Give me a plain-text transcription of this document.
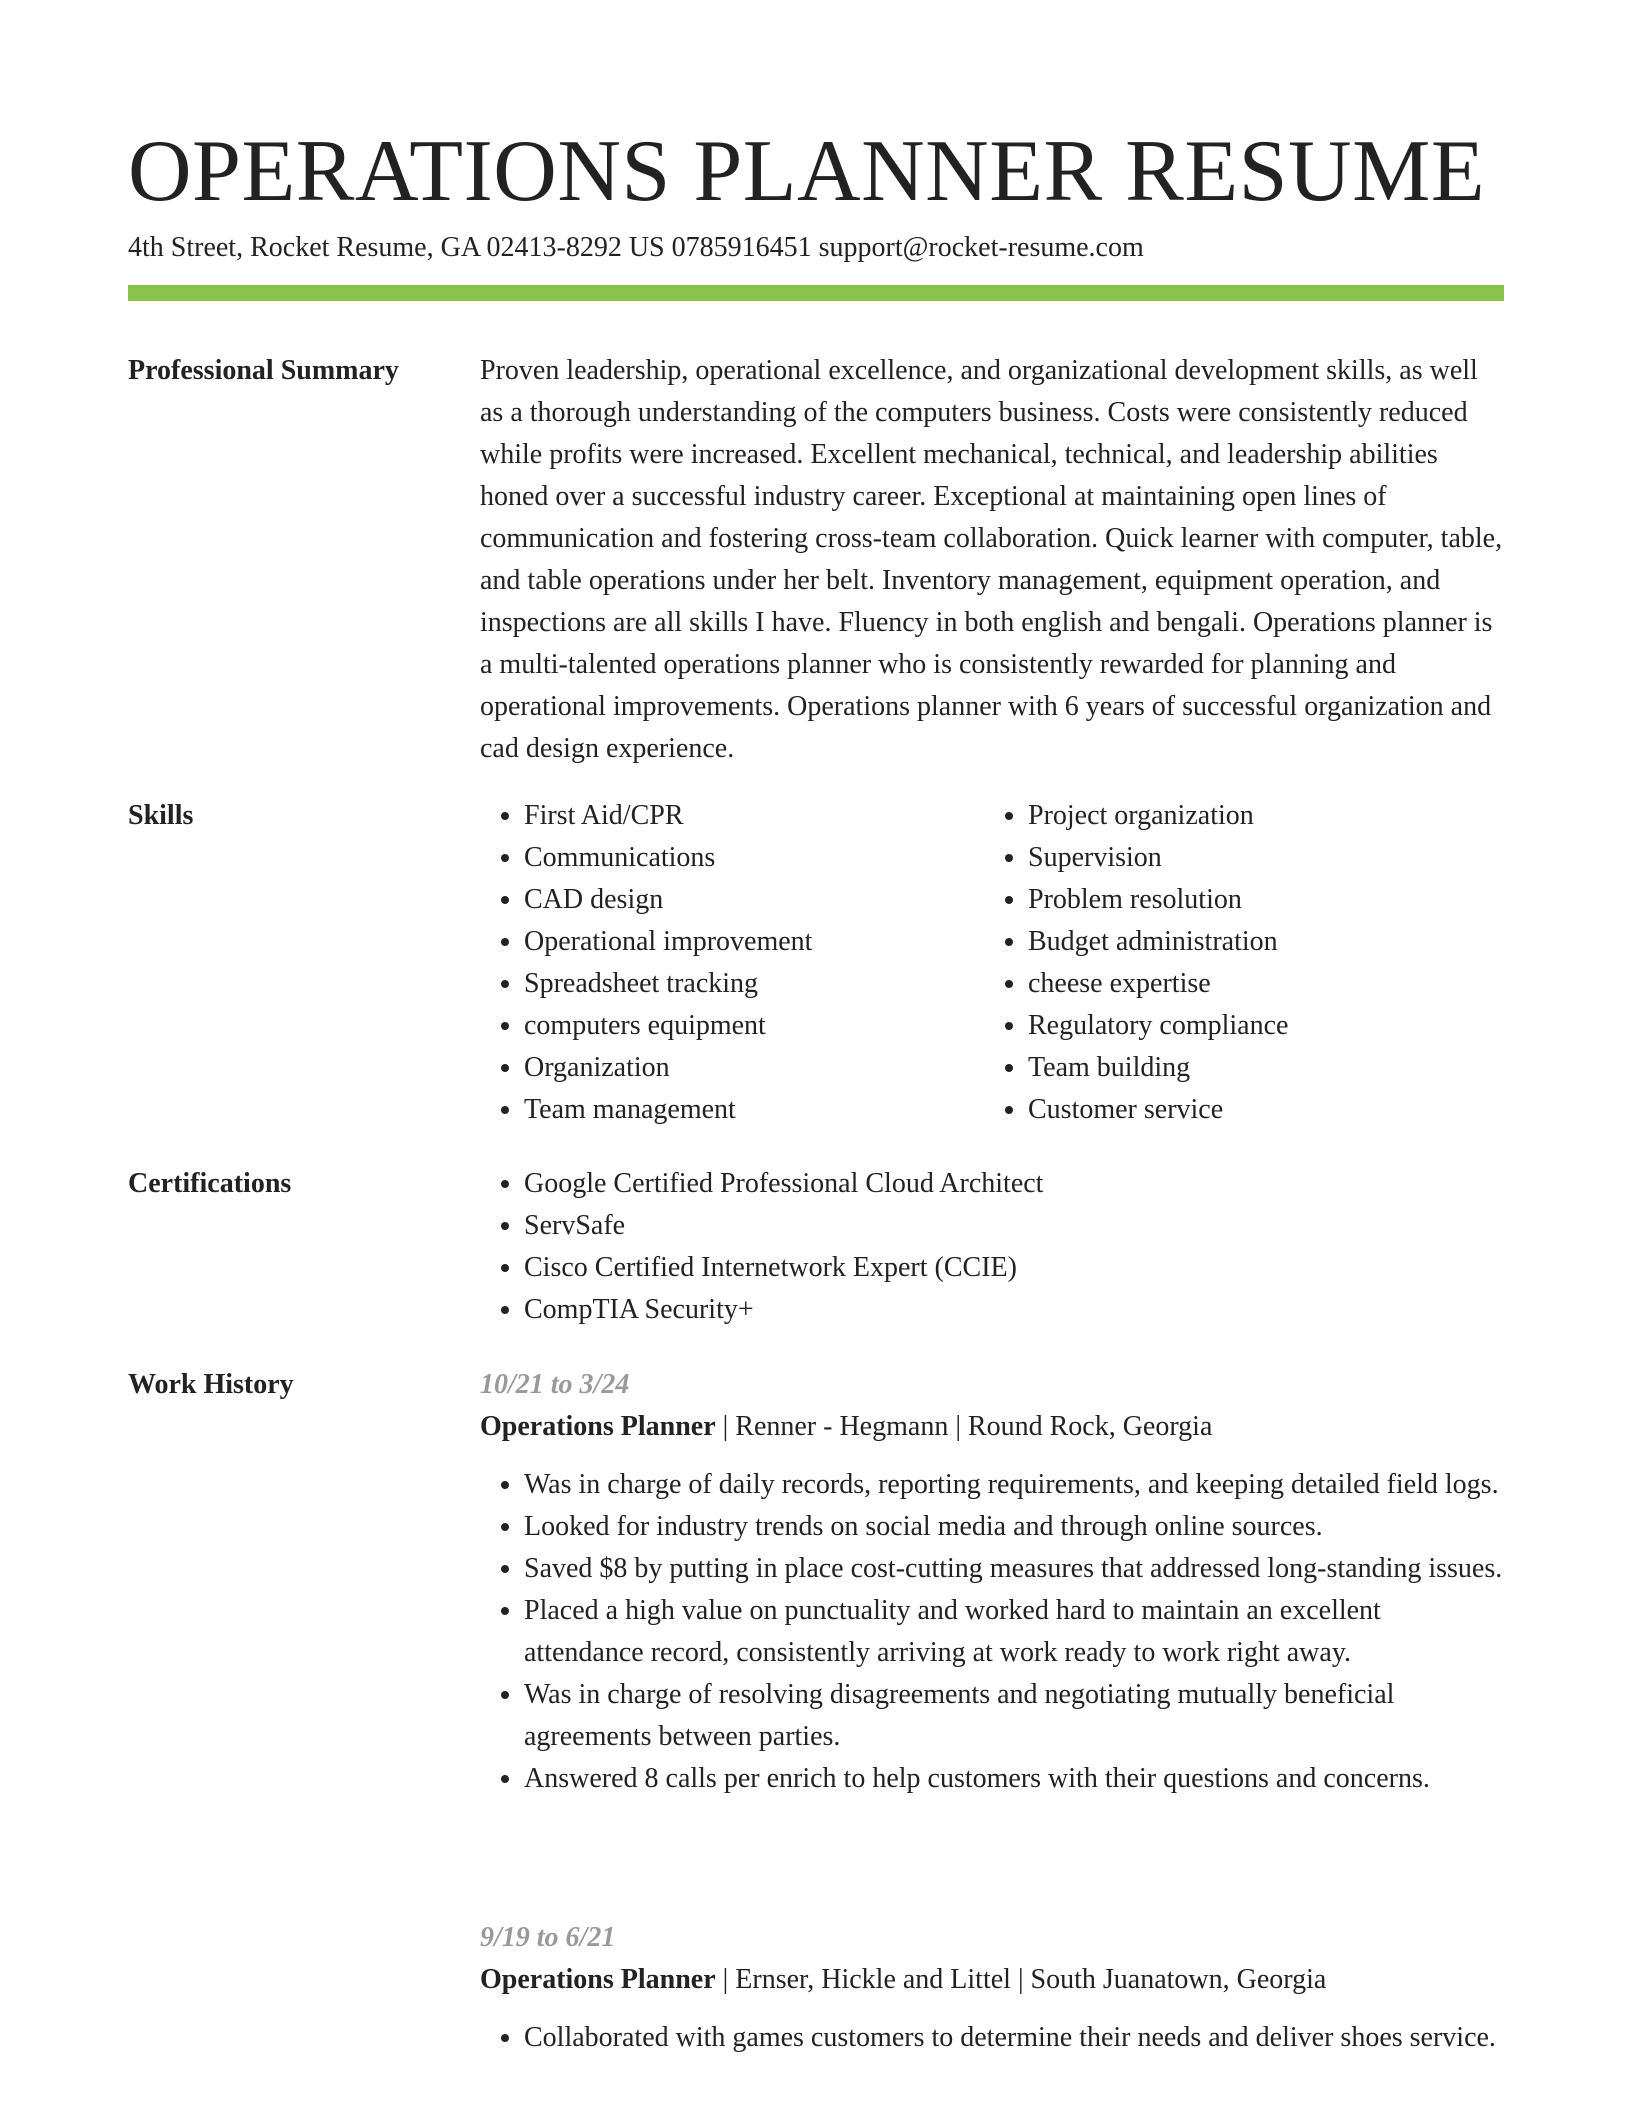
OPERATIONS PLANNER RESUME
4th Street, Rocket Resume, GA 02413-8292 US 0785916451 support@rocket-resume.com
Professional Summary	Proven leadership, operational excellence, and organizational development skills, as well as a thorough understanding of the computers business. Costs were consistently reduced while profits were increased. Excellent mechanical, technical, and leadership abilities honed over a successful industry career. Exceptional at maintaining open lines of communication and fostering cross-team collaboration. Quick learner with computer, table, and table operations under her belt. Inventory management, equipment operation, and inspections are all skills I have. Fluency in both english and bengali. Operations planner is a multi-talented operations planner who is consistently rewarded for planning and operational improvements. Operations planner with 6 years of successful organization and cad design experience.

Skills	• First Aid/CPR
• Communications
• CAD design
• Operational improvement
• Spreadsheet tracking
• computers equipment
• Organization
• Team management
• Project organization
• Supervision
• Problem resolution
• Budget administration
• cheese expertise
• Regulatory compliance
• Team building
• Customer service
Certifications	• Google Certified Professional Cloud Architect
• ServSafe
• Cisco Certified Internetwork Expert (CCIE)
• CompTIA Security+
Work History	10/21 to 3/24
Operations Planner | Renner - Hegmann | Round Rock, Georgia
• Was in charge of daily records, reporting requirements, and keeping detailed field logs.
• Looked for industry trends on social media and through online sources.
• Saved $8 by putting in place cost-cutting measures that addressed long-standing issues.
• Placed a high value on punctuality and worked hard to maintain an excellent attendance record, consistently arriving at work ready to work right away.
• Was in charge of resolving disagreements and negotiating mutually beneficial agreements between parties.
• Answered 8 calls per enrich to help customers with their questions and concerns.
9/19 to 6/21
Operations Planner | Ernser, Hickle and Littel | South Juanatown, Georgia
• Collaborated with games customers to determine their needs and deliver shoes service.
